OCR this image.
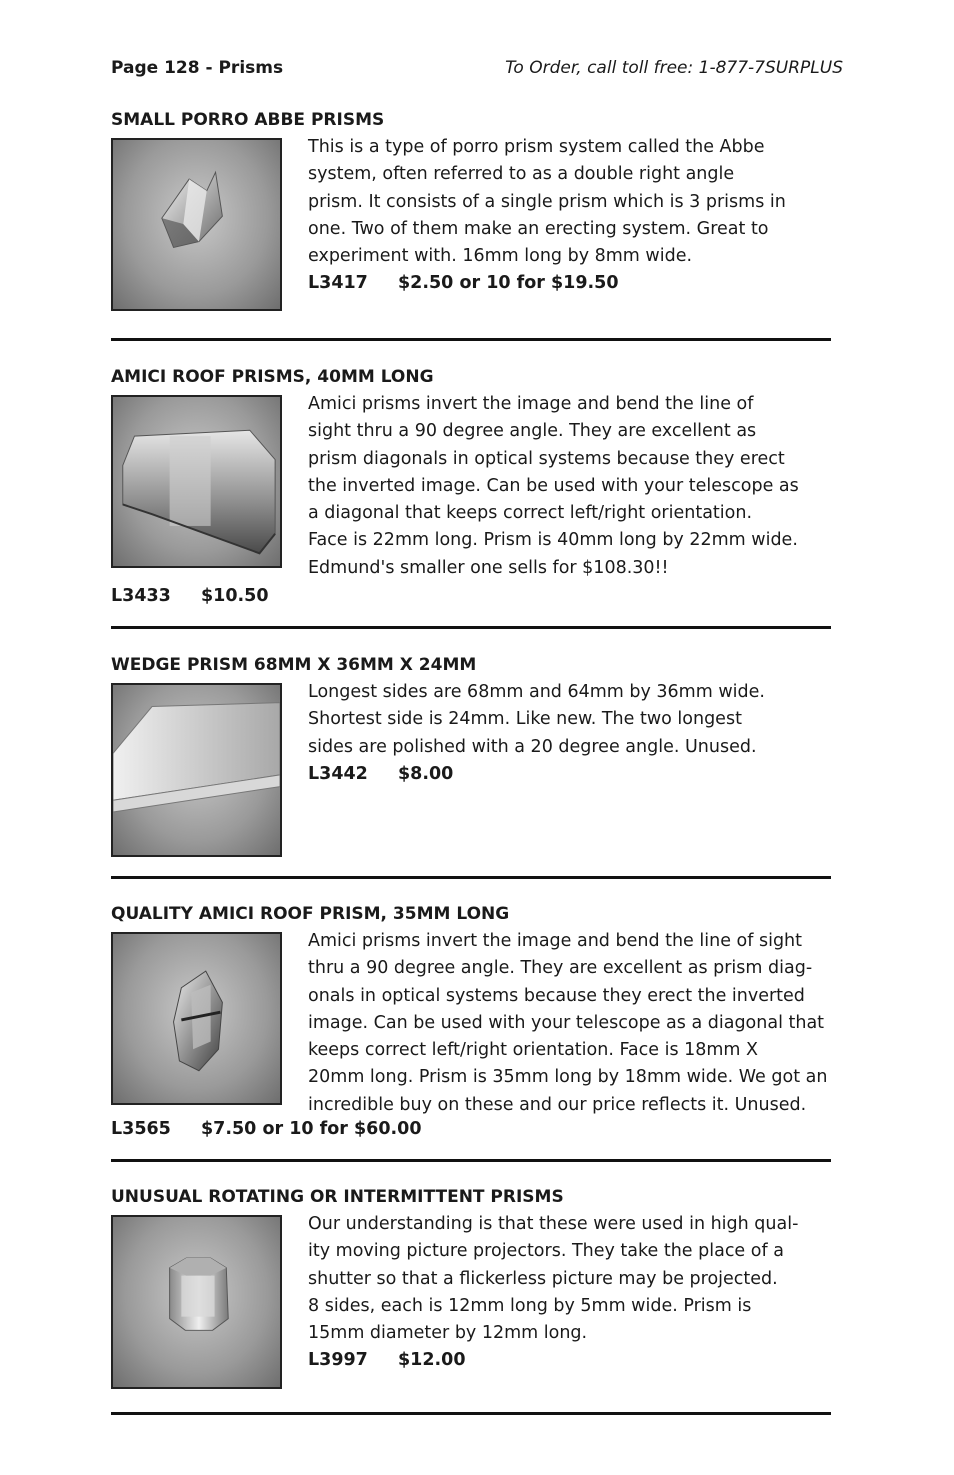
Page 128 - Prisms	To Order, call toll free: 1-877-7SURPLUS
SMALL PORRO ABBE PRISMS
This is a type of porro prism system called the Abbe
system, often referred to as a double right angle
prism. It consists of a single prism which is 3 prisms in
one. Two of them make an erecting system. Great to
experiment with. 16mm long by 8mm wide.
L3417 $2.50 or 10 for $19.50
AMICI ROOF PRISMS, 40MM LONG
Amici prisms invert the image and bend the line of
sight thru a 90 degree angle. They are excellent as
prism diagonals in optical systems because they erect
the inverted image. Can be used with your telescope as
a diagonal that keeps correct left/right orientation.
Face is 22mm long. Prism is 40mm long by 22mm wide.
Edmund's smaller one sells for $108.30!!
L3433 $10.50
WEDGE PRISM 68MM X 36MM X 24MM
Longest sides are 68mm and 64mm by 36mm wide.
Shortest side is 24mm. Like new. The two longest
sides are polished with a 20 degree angle. Unused.
L3442 $8.00
QUALITY AMICI ROOF PRISM, 35MM LONG
Amici prisms invert the image and bend the line of sight
thru a 90 degree angle. They are excellent as prism diag-
onals in optical systems because they erect the inverted
image. Can be used with your telescope as a diagonal that
keeps correct left/right orientation. Face is 18mm X
20mm long. Prism is 35mm long by 18mm wide. We got an
incredible buy on these and our price reflects it. Unused.
L3565 $7.50 or 10 for $60.00
UNUSUAL ROTATING OR INTERMITTENT PRISMS
Our understanding is that these were used in high qual-
ity moving picture projectors. They take the place of a
shutter so that a flickerless picture may be projected.
8 sides, each is 12mm long by 5mm wide. Prism is
15mm diameter by 12mm long.
L3997 $12.00
